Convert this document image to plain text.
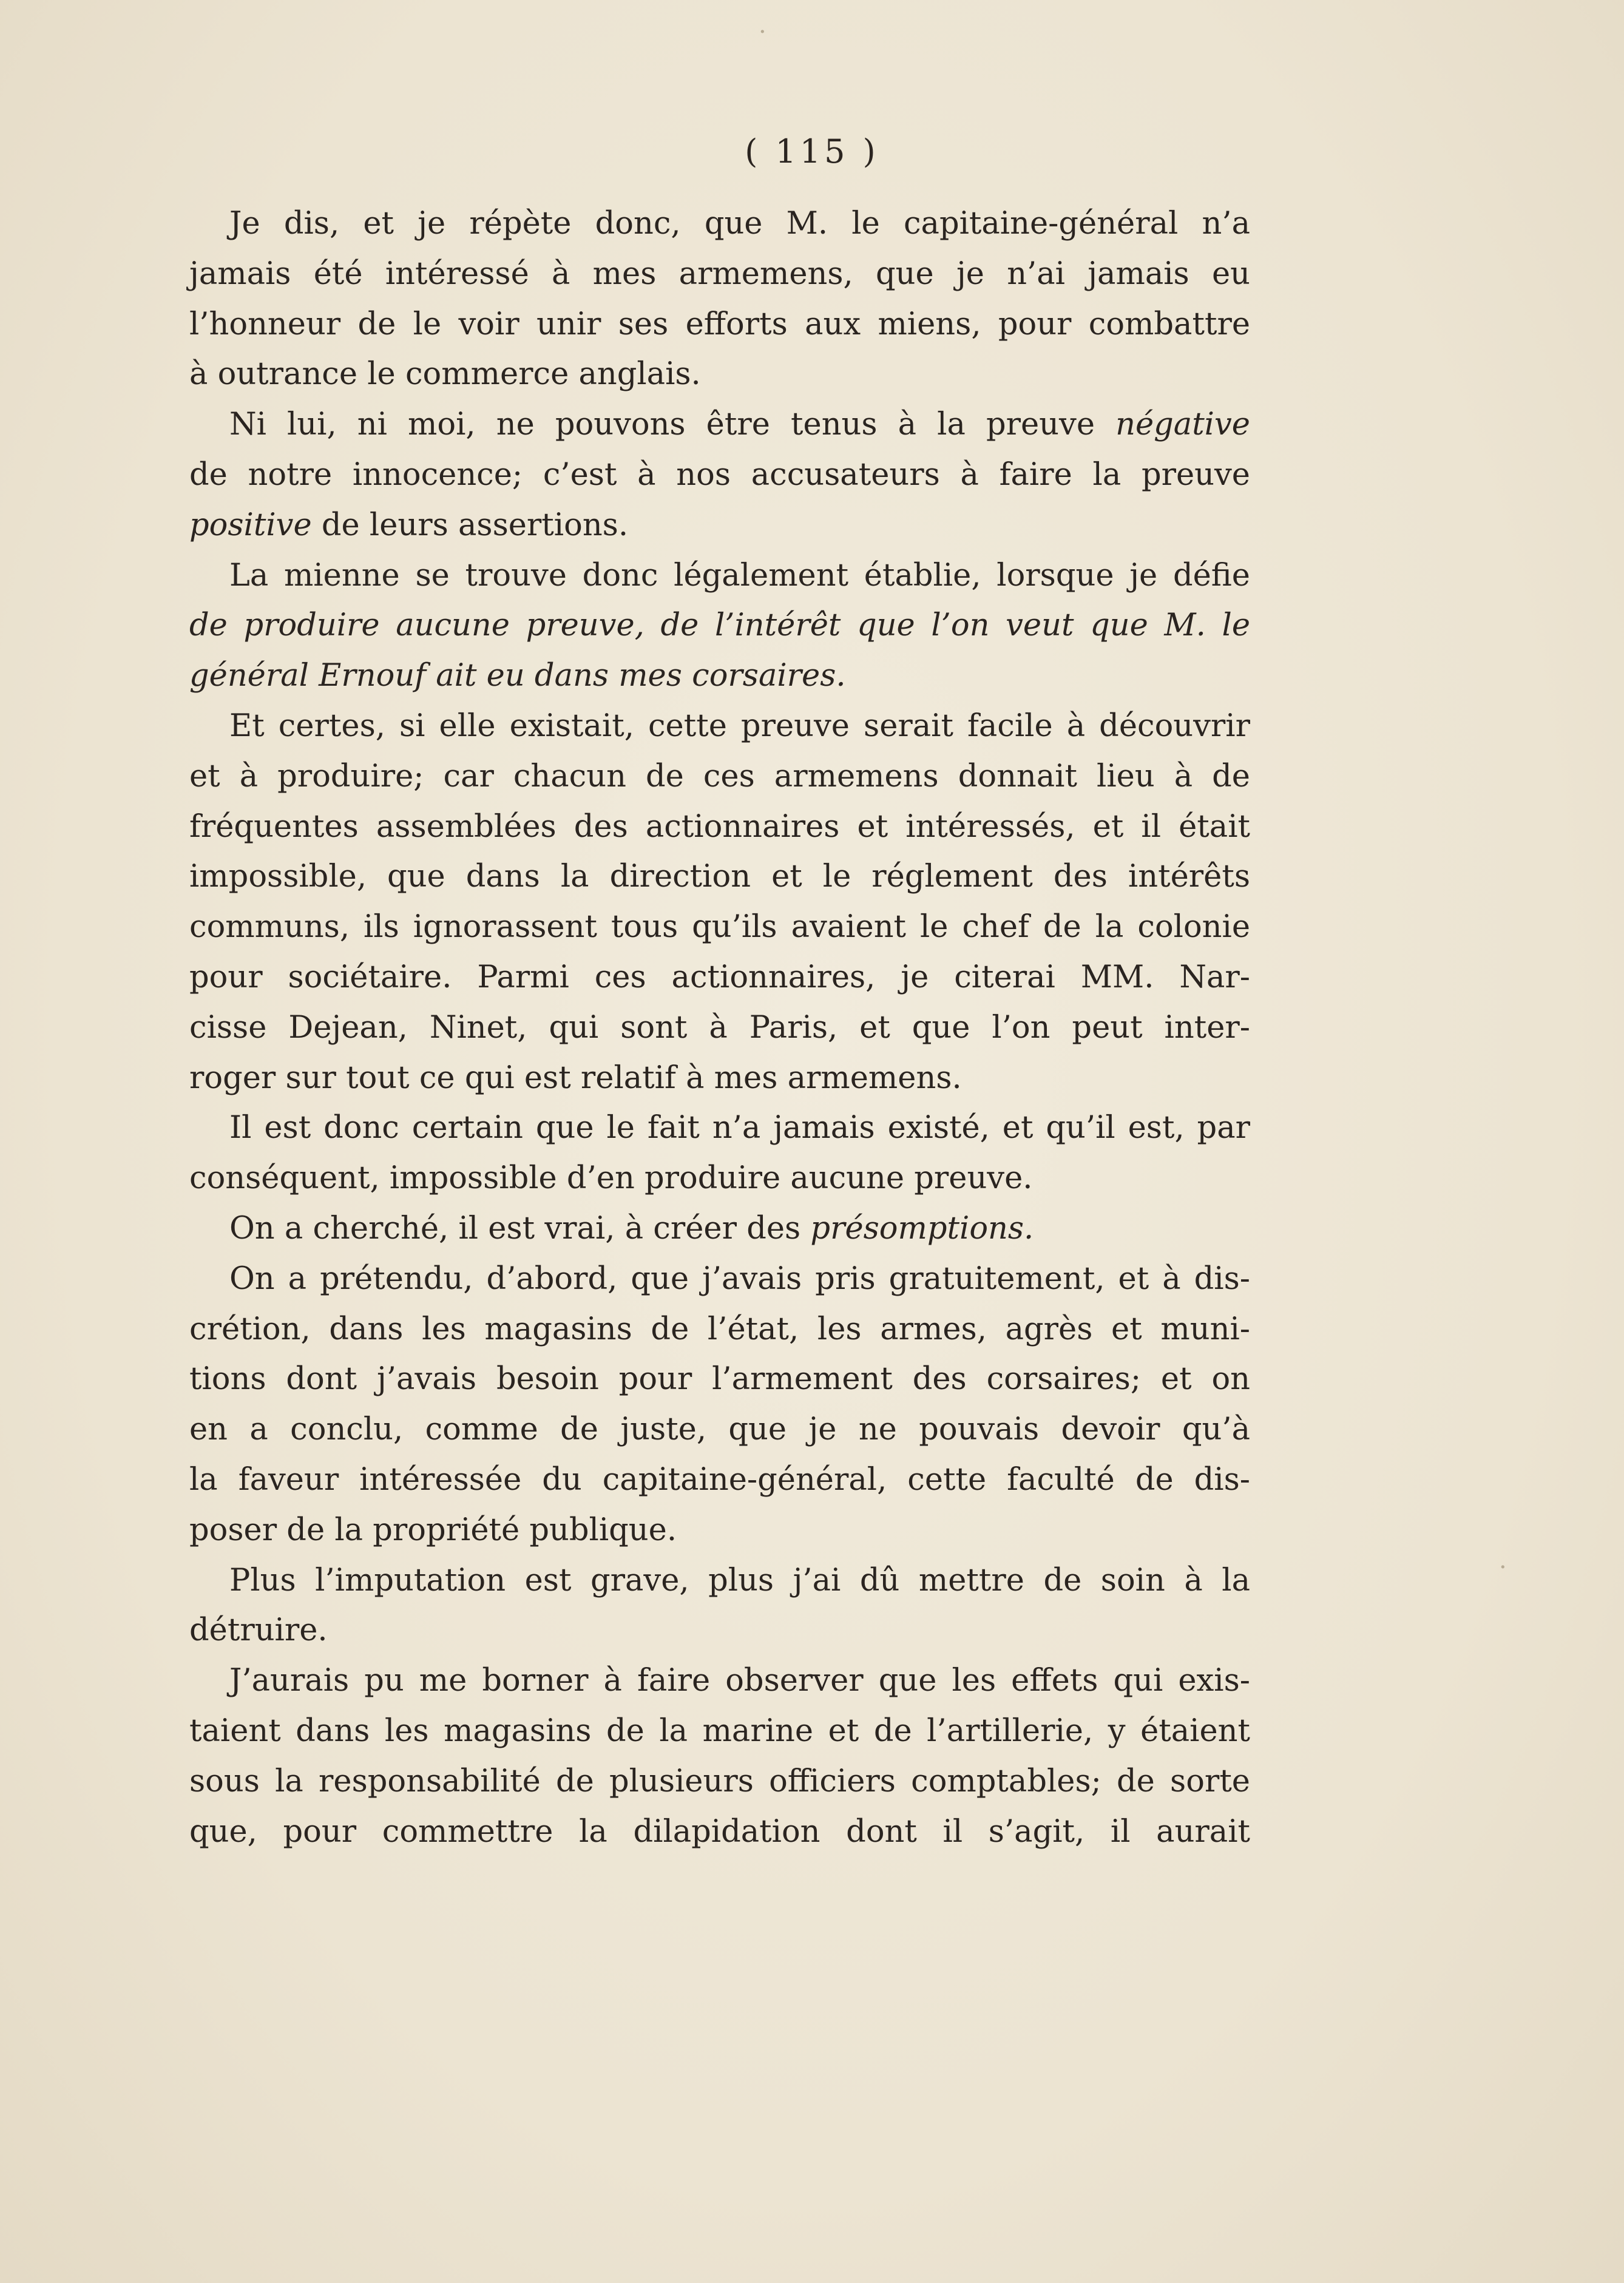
( 115 )
Je dis, et je répète donc, que M. le capitaine-général n’a
jamais été intéressé à mes armemens, que je n’ai jamais eu
l’honneur de le voir unir ses efforts aux miens, pour combattre
à outrance le commerce anglais.
Ni lui, ni moi, ne pouvons être tenus à la preuve négative
de notre innocence; c’est à nos accusateurs à faire la preuve
positive de leurs assertions.
La mienne se trouve donc légalement établie, lorsque je défie
de produire aucune preuve, de l’intérêt que l’on veut que M. le
général Ernouf ait eu dans mes corsaires.
Et certes, si elle existait, cette preuve serait facile à découvrir
et à produire; car chacun de ces armemens donnait lieu à de
fréquentes assemblées des actionnaires et intéressés, et il était
impossible, que dans la direction et le réglement des intérêts
communs, ils ignorassent tous qu’ils avaient le chef de la colonie
pour sociétaire. Parmi ces actionnaires, je citerai MM. Nar-
cisse Dejean, Ninet, qui sont à Paris, et que l’on peut inter-
roger sur tout ce qui est relatif à mes armemens.
Il est donc certain que le fait n’a jamais existé, et qu’il est, par
conséquent, impossible d’en produire aucune preuve.
On a cherché, il est vrai, à créer des présomptions.
On a prétendu, d’abord, que j’avais pris gratuitement, et à dis-
crétion, dans les magasins de l’état, les armes, agrès et muni-
tions dont j’avais besoin pour l’armement des corsaires; et on
en a conclu, comme de juste, que je ne pouvais devoir qu’à
la faveur intéressée du capitaine-général, cette faculté de dis-
poser de la propriété publique.
Plus l’imputation est grave, plus j’ai dû mettre de soin à la
détruire.
J’aurais pu me borner à faire observer que les effets qui exis-
taient dans les magasins de la marine et de l’artillerie, y étaient
sous la responsabilité de plusieurs officiers comptables; de sorte
que, pour commettre la dilapidation dont il s’agit, il aurait
·
·
